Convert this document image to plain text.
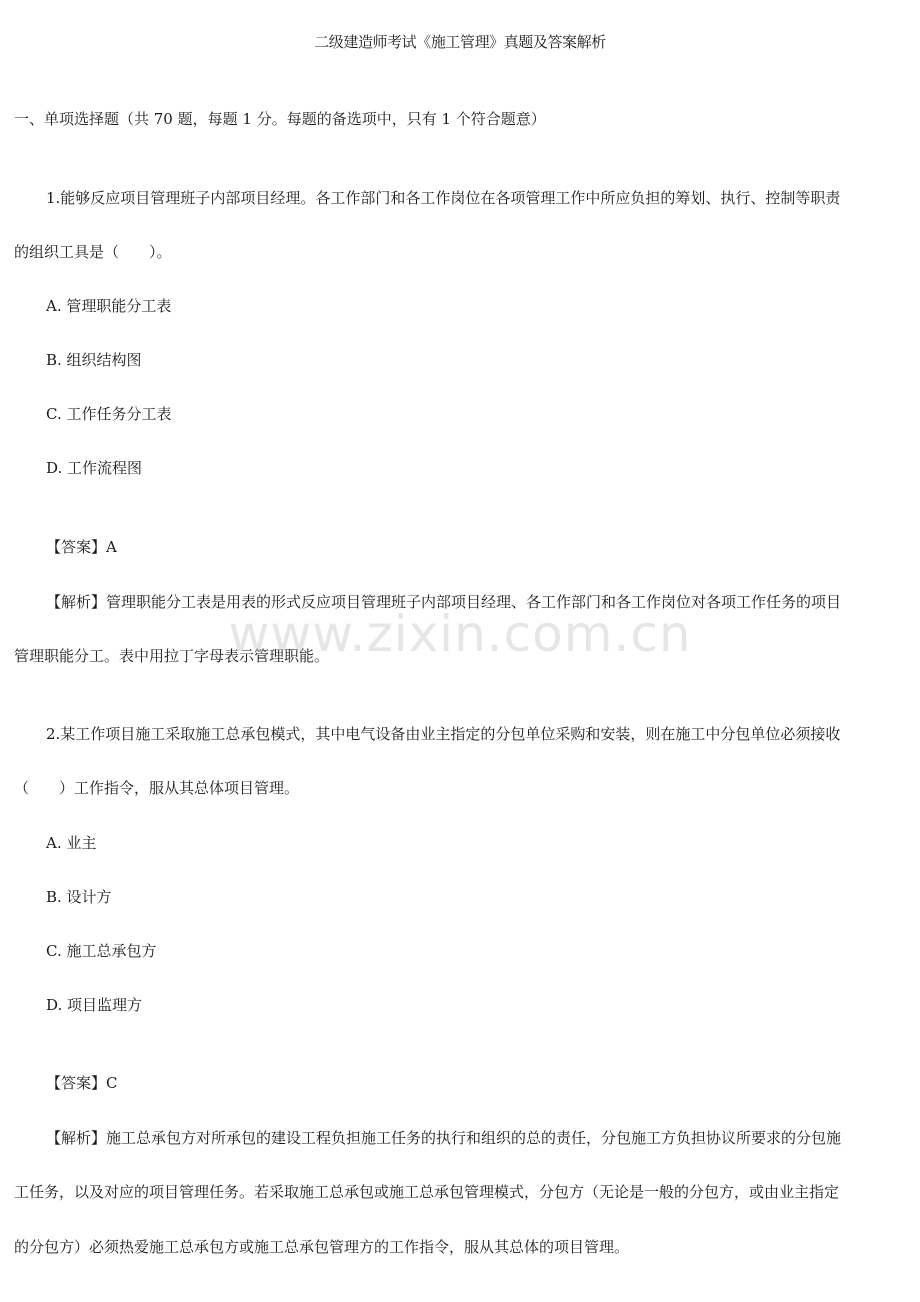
二级建造师考试《施工管理》真题及答案解析
一、单项选择题（共 70 题，每题 1 分。每题的备选项中，只有 1 个符合题意）
1.能够反应项目管理班子内部项目经理。各工作部门和各工作岗位在各项管理工作中所应负担的筹划、执行、控制等职责
的组织工具是（　　）。
A. 管理职能分工表
B. 组织结构图
C. 工作任务分工表
D. 工作流程图
【答案】A
【解析】管理职能分工表是用表的形式反应项目管理班子内部项目经理、各工作部门和各工作岗位对各项工作任务的项目
管理职能分工。表中用拉丁字母表示管理职能。
2.某工作项目施工采取施工总承包模式，其中电气设备由业主指定的分包单位采购和安装，则在施工中分包单位必须接收
（　　）工作指令，服从其总体项目管理。
A. 业主
B. 设计方
C. 施工总承包方
D. 项目监理方
【答案】C
【解析】施工总承包方对所承包的建设工程负担施工任务的执行和组织的总的责任，分包施工方负担协议所要求的分包施
工任务，以及对应的项目管理任务。若采取施工总承包或施工总承包管理模式，分包方（无论是一般的分包方，或由业主指定
的分包方）必须热爱施工总承包方或施工总承包管理方的工作指令，服从其总体的项目管理。
www.zixin.com.cn
